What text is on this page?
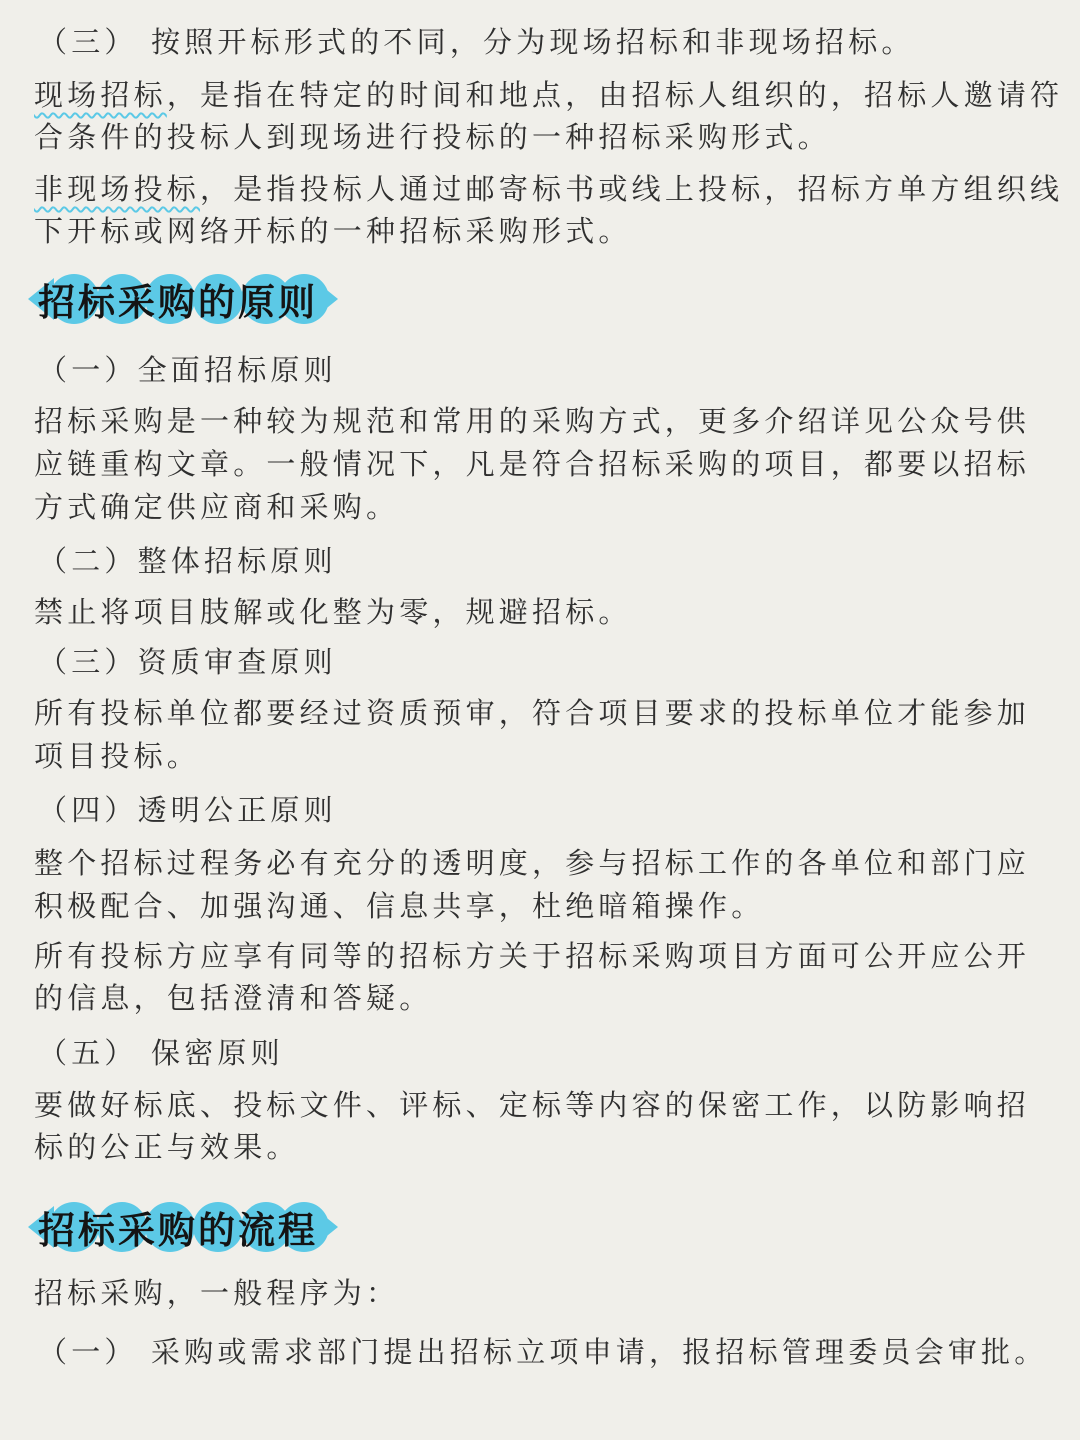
（三） 按照开标形式的不同，分为现场招标和非现场招标。

现场招标，是指在特定的时间和地点，由招标人组织的，招标人邀请符

合条件的投标人到现场进行投标的一种招标采购形式。

非现场投标，是指投标人通过邮寄标书或线上投标，招标方单方组织线

下开标或网络开标的一种招标采购形式。

招标采购的原则

（一）全面招标原则

招标采购是一种较为规范和常用的采购方式，更多介绍详见公众号供

应链重构文章。一般情况下，凡是符合招标采购的项目，都要以招标

方式确定供应商和采购。

（二）整体招标原则

禁止将项目肢解或化整为零，规避招标。

（三）资质审查原则

所有投标单位都要经过资质预审，符合项目要求的投标单位才能参加

项目投标。

（四）透明公正原则

整个招标过程务必有充分的透明度，参与招标工作的各单位和部门应

积极配合、加强沟通、信息共享，杜绝暗箱操作。

所有投标方应享有同等的招标方关于招标采购项目方面可公开应公开

的信息，包括澄清和答疑。

（五） 保密原则

要做好标底、投标文件、评标、定标等内容的保密工作，以防影响招

标的公正与效果。

招标采购的流程

招标采购，一般程序为：

（一） 采购或需求部门提出招标立项申请，报招标管理委员会审批。
